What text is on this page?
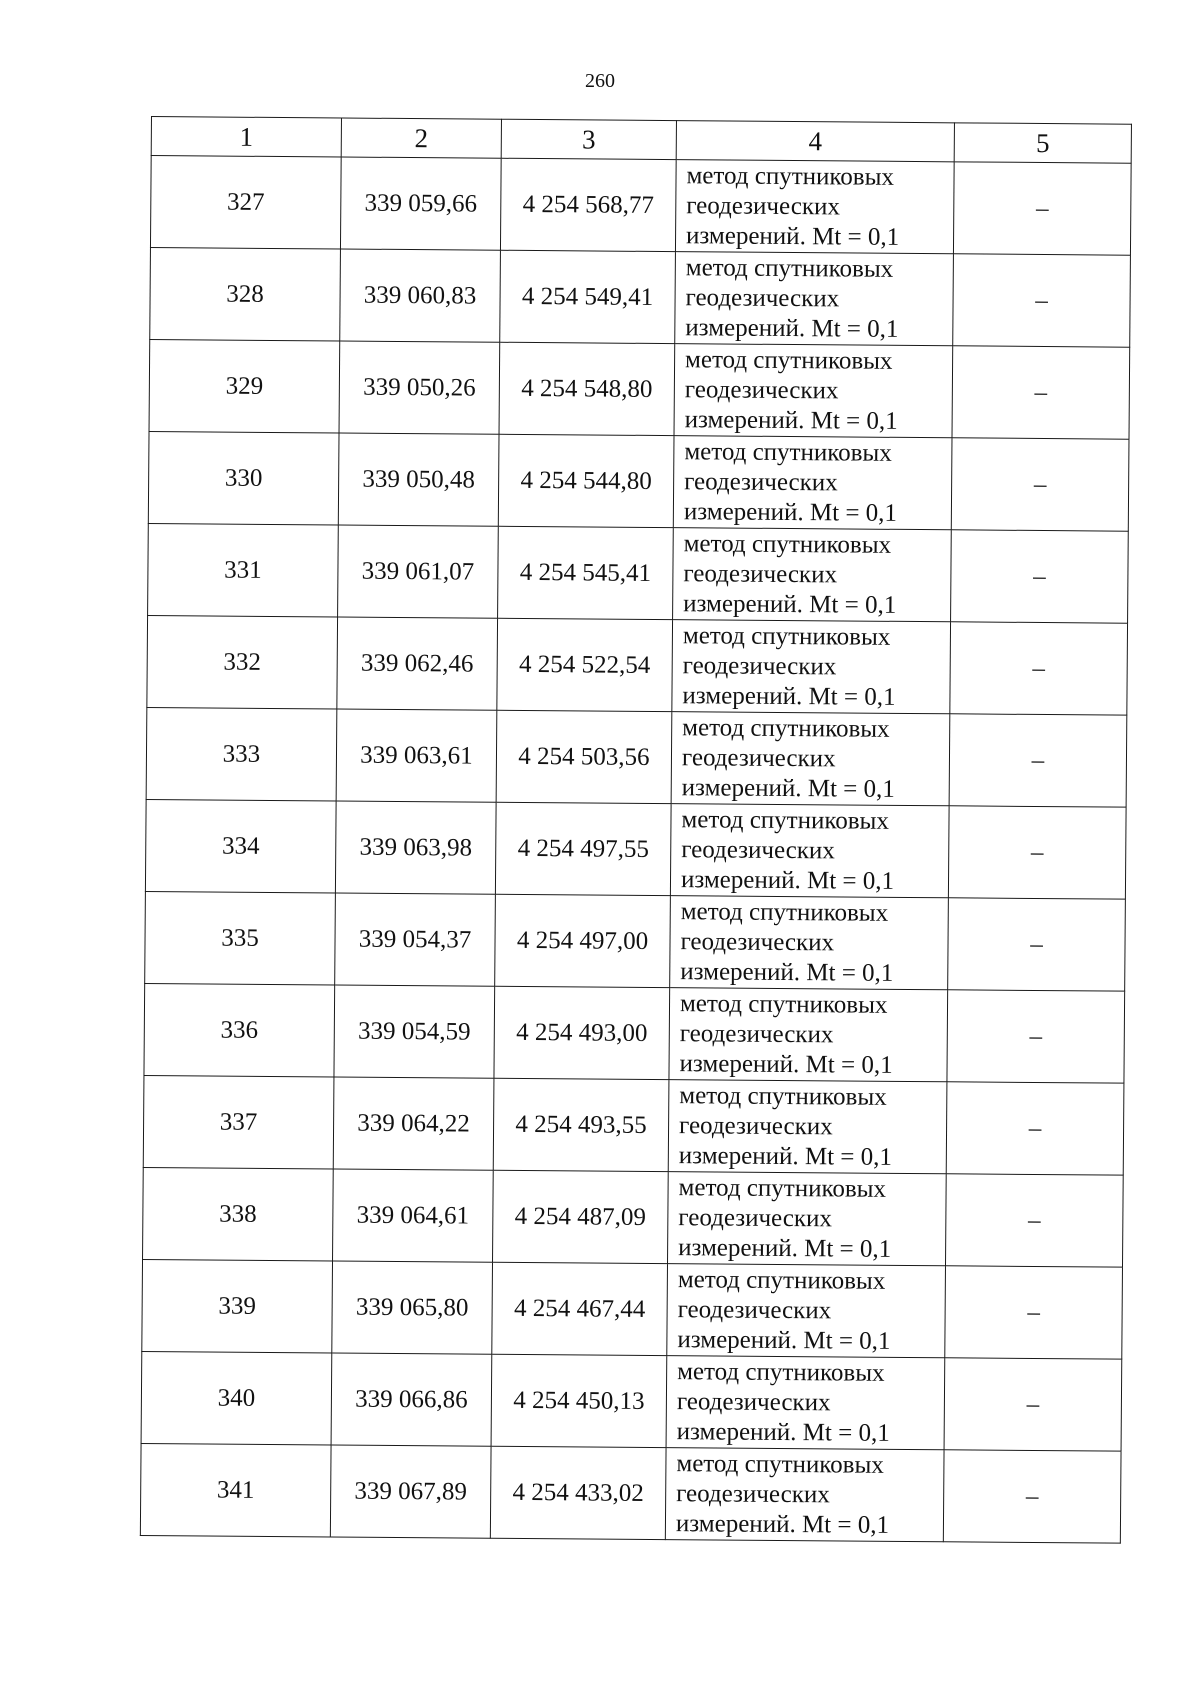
260
1	2	3	4	5
327	339 059,66	4 254 568,77	метод спутниковых
геодезических
измерений. Mt = 0,1	–
328	339 060,83	4 254 549,41	метод спутниковых
геодезических
измерений. Mt = 0,1	–
329	339 050,26	4 254 548,80	метод спутниковых
геодезических
измерений. Mt = 0,1	–
330	339 050,48	4 254 544,80	метод спутниковых
геодезических
измерений. Mt = 0,1	–
331	339 061,07	4 254 545,41	метод спутниковых
геодезических
измерений. Mt = 0,1	–
332	339 062,46	4 254 522,54	метод спутниковых
геодезических
измерений. Mt = 0,1	–
333	339 063,61	4 254 503,56	метод спутниковых
геодезических
измерений. Mt = 0,1	–
334	339 063,98	4 254 497,55	метод спутниковых
геодезических
измерений. Mt = 0,1	–
335	339 054,37	4 254 497,00	метод спутниковых
геодезических
измерений. Mt = 0,1	–
336	339 054,59	4 254 493,00	метод спутниковых
геодезических
измерений. Mt = 0,1	–
337	339 064,22	4 254 493,55	метод спутниковых
геодезических
измерений. Mt = 0,1	–
338	339 064,61	4 254 487,09	метод спутниковых
геодезических
измерений. Mt = 0,1	–
339	339 065,80	4 254 467,44	метод спутниковых
геодезических
измерений. Mt = 0,1	–
340	339 066,86	4 254 450,13	метод спутниковых
геодезических
измерений. Mt = 0,1	–
341	339 067,89	4 254 433,02	метод спутниковых
геодезических
измерений. Mt = 0,1	–
